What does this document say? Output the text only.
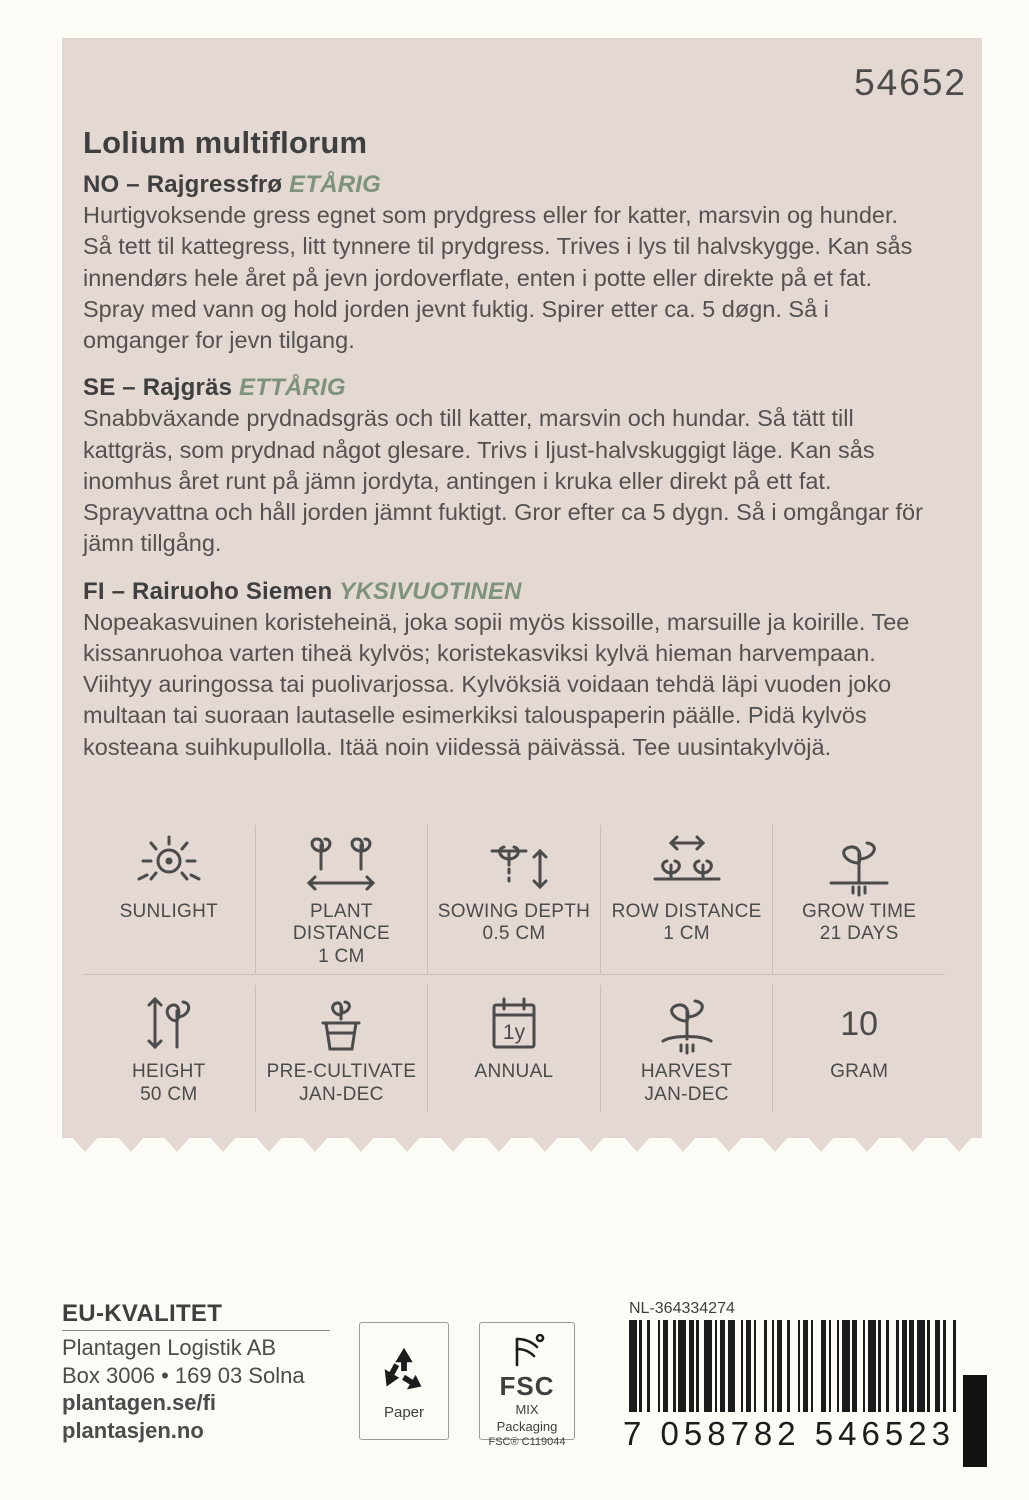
54652
Lolium multiflorum
NO – Rajgressfrø ETÅRIG
Hurtigvoksende gress egnet som prydgress eller for katter, marsvin og hunder. Så tett til kattegress, litt tynnere til prydgress. Trives i lys til halvskygge. Kan sås innendørs hele året på jevn jordoverflate, enten i potte eller direkte på et fat. Spray med vann og hold jorden jevnt fuktig. Spirer etter ca. 5 døgn. Så i omganger for jevn tilgang.
SE – Rajgräs ETTÅRIG
Snabbväxande prydnadsgräs och till katter, marsvin och hundar. Så tätt till kattgräs, som prydnad något glesare. Trivs i ljust-halvskuggigt läge. Kan sås inomhus året runt på jämn jordyta, antingen i kruka eller direkt på ett fat. Sprayvattna och håll jorden jämnt fuktigt. Gror efter ca 5 dygn. Så i omgångar för jämn tillgång.
FI – Rairuoho Siemen YKSIVUOTINEN
Nopeakasvuinen koristeheinä, joka sopii myös kissoille, marsuille ja koirille. Tee kissanruohoa varten tiheä kylvös; koristekasviksi kylvä hieman harvempaan. Viihtyy auringossa tai puolivarjossa. Kylvöksiä voidaan tehdä läpi vuoden joko multaan tai suoraan lautaselle esimerkiksi talouspaperin päälle. Pidä kylvös kosteana suihkupullolla. Itää noin viidessä päivässä. Tee uusintakylvöjä.
SUNLIGHT	PLANT DISTANCE
1 CM
SOWING DEPTH
0.5 CM
ROW DISTANCE
1 CM
GROW TIME
21 DAYS
HEIGHT
50 CM
PRE-CULTIVATE
JAN-DEC
1y
ANNUAL	HARVEST
JAN-DEC
10
GRAM
EU-KVALITET
Plantagen Logistik AB
Box 3006 • 169 03 Solna
plantagen.se/fi
plantasjen.no
Paper
FSC
MIX
Packaging
FSC® C119044
NL-364334274
7 058782 546523
